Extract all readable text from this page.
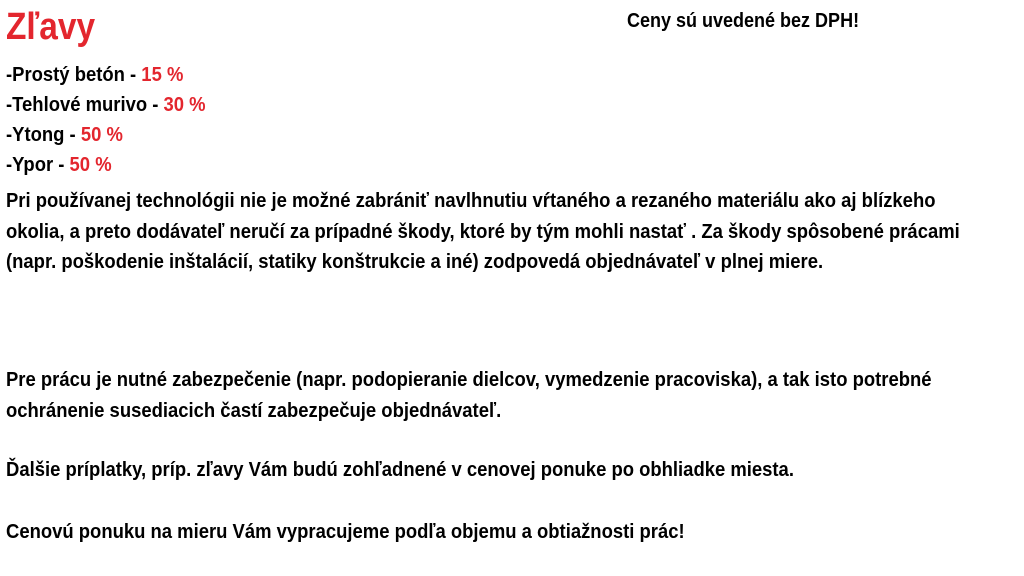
Zľavy	Ceny sú uvedené bez DPH!
-Prostý betón - 15 %
-Tehlové murivo - 30 %
-Ytong - 50 %
-Ypor - 50 %

Pri používanej technológii nie je možné zabrániť navlhnutiu vŕtaného a rezaného materiálu ako aj blízkeho okolia, a preto dodávateľ neručí za prípadné škody, ktoré by tým mohli nastať . Za škody spôsobené prácami (napr. poškodenie inštalácií, statiky konštrukcie a iné) zodpovedá objednávateľ v plnej miere.

Pre prácu je nutné zabezpečenie (napr. podopieranie dielcov, vymedzenie pracoviska), a tak isto potrebné ochránenie susediacich častí zabezpečuje objednávateľ.

Ďalšie príplatky, príp. zľavy Vám budú zohľadnené v cenovej ponuke po obhliadke miesta.

Cenovú ponuku na mieru Vám vypracujeme podľa objemu a obtiažnosti prác!
